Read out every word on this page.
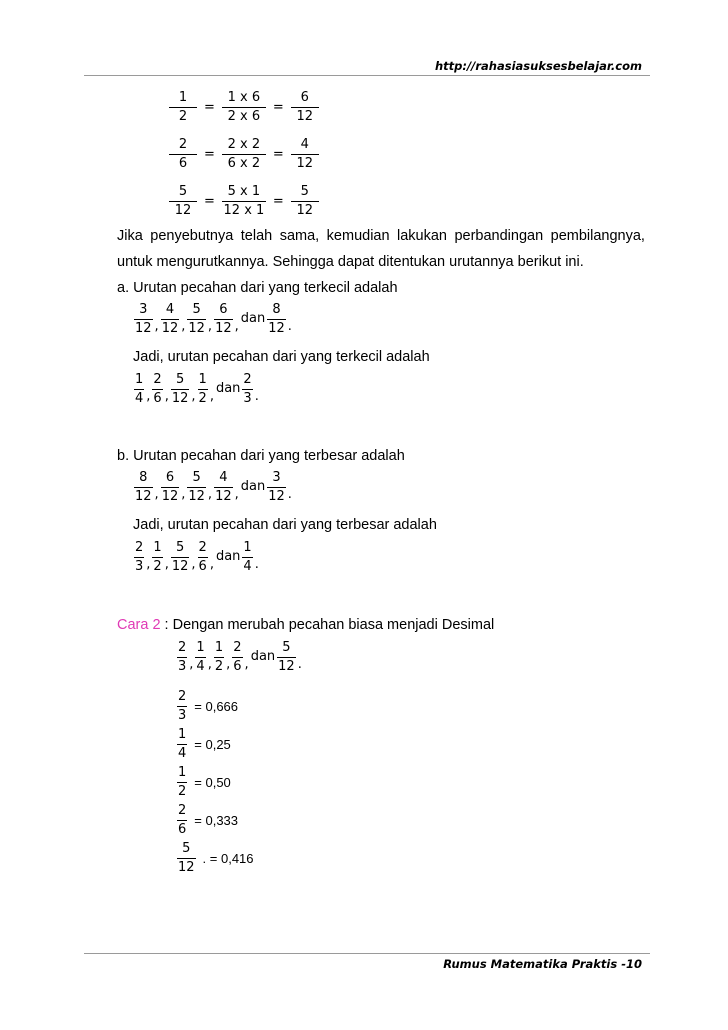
http://rahasiasuksesbelajar.com
$\frac{1}{2} = \frac{1 x 6}{2 x 6} = \frac{6}{12}$
$\frac{2}{6} = \frac{2 x 2}{6 x 2} = \frac{4}{12}$
$\frac{5}{12} = \frac{5 x 1}{12 x 1} = \frac{5}{12}$
Jika penyebutnya telah sama, kemudian lakukan perbandingan pembilangnya,
untuk mengurutkannya. Sehingga dapat ditentukan urutannya berikut ini.
a. Urutan pecahan dari yang terkecil adalah
$\frac{3}{12}$ , $\frac{4}{12}$ , $\frac{5}{12}$ , $\frac{6}{12}$ ,
dan $\frac{8}{12}$ .
Jadi, urutan pecahan dari yang terkecil adalah
$\frac{1}{4}$ , $\frac{2}{6}$ , $\frac{5}{12}$ , $\frac{1}{2}$ ,
dan $\frac{2}{3}$ .
b. Urutan pecahan dari yang terbesar adalah
$\frac{8}{12}$ , $\frac{6}{12}$ , $\frac{5}{12}$ , $\frac{4}{12}$ ,
dan $\frac{3}{12}$ .
Jadi, urutan pecahan dari yang terbesar adalah
$\frac{2}{3}$ , $\frac{1}{2}$ , $\frac{5}{12}$ , $\frac{2}{6}$ ,
dan $\frac{1}{4}$ .
Cara 2 : Dengan merubah pecahan biasa menjadi Desimal
$\frac{2}{3}$ , $\frac{1}{4}$ , $\frac{1}{2}$ , $\frac{2}{6}$ ,
dan $\frac{5}{12}$ .
$\frac{2}{3} = 0,666$
$\frac{1}{4} = 0,25$
$\frac{1}{2} = 0,50$
$\frac{2}{6} = 0,333$
$\frac{5}{12}$ . = 0,416
Rumus Matematika Praktis -10
